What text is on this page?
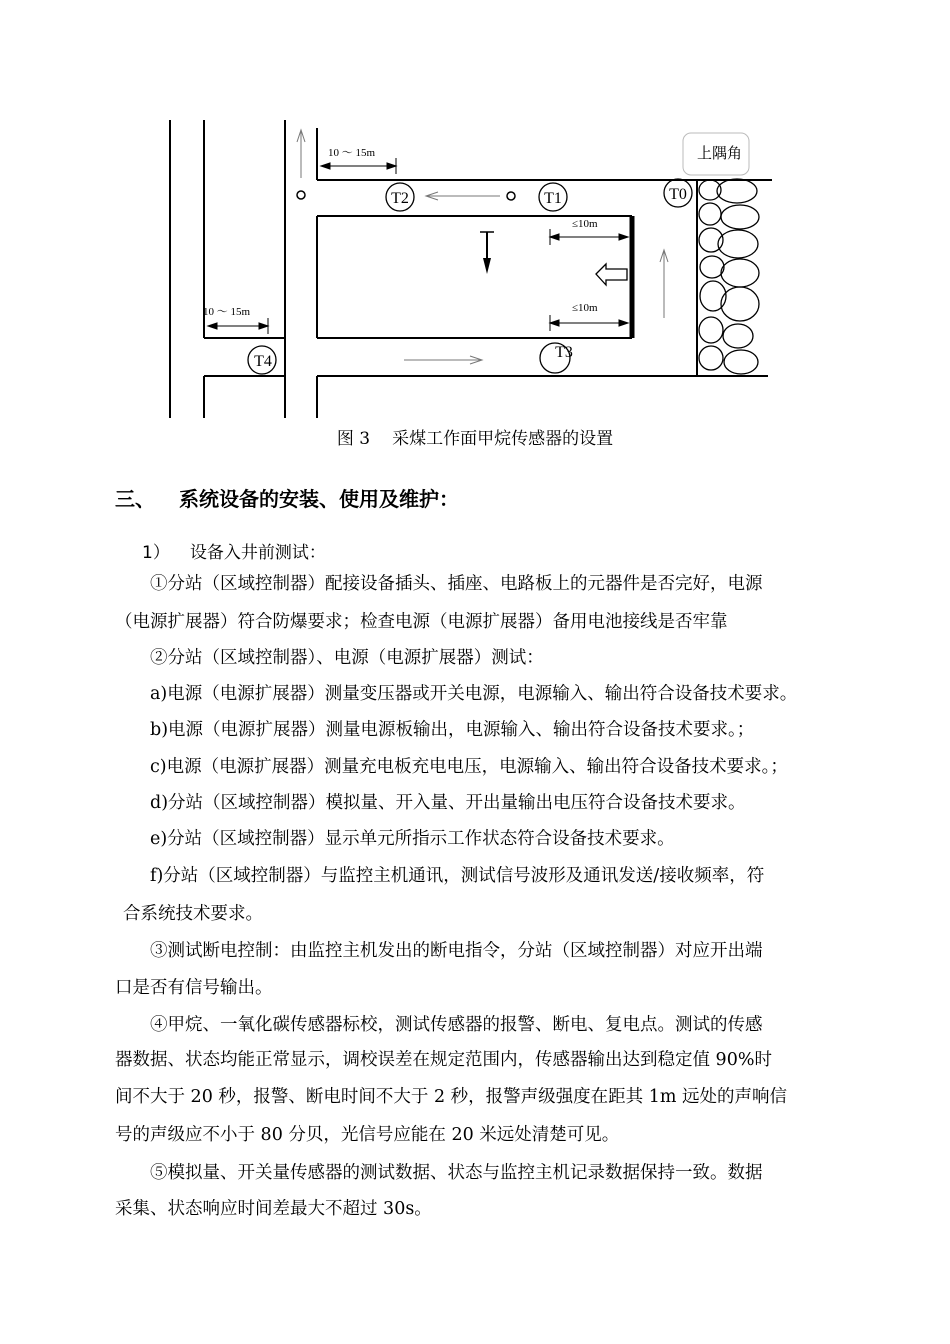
上隅角
10 ～ 15m
10 ～ 15m
≤10m
≤10m
T2	T1	T0
T3
T4
图 3 采煤工作面甲烷传感器的设置
三、 系统设备的安装、使用及维护：
1） 设备入井前测试：
①分站（区域控制器）配接设备插头、插座、电路板上的元器件是否完好，电源
（电源扩展器）符合防爆要求；检查电源（电源扩展器）备用电池接线是否牢靠
②分站（区域控制器）、电源（电源扩展器）测试：
a)电源（电源扩展器）测量变压器或开关电源，电源输入、输出符合设备技术要求。
b)电源（电源扩展器）测量电源板输出，电源输入、输出符合设备技术要求。；
c)电源（电源扩展器）测量充电板充电电压，电源输入、输出符合设备技术要求。；
d)分站（区域控制器）模拟量、开入量、开出量输出电压符合设备技术要求。
e)分站（区域控制器）显示单元所指示工作状态符合设备技术要求。
f)分站（区域控制器）与监控主机通讯，测试信号波形及通讯发送/接收频率，符
合系统技术要求。
③测试断电控制：由监控主机发出的断电指令，分站（区域控制器）对应开出端
口是否有信号输出。
④甲烷、一氧化碳传感器标校，测试传感器的报警、断电、复电点。测试的传感
器数据、状态均能正常显示，调校误差在规定范围内，传感器输出达到稳定值 90%时
间不大于 20 秒，报警、断电时间不大于 2 秒，报警声级强度在距其 1m 远处的声响信
号的声级应不小于 80 分贝，光信号应能在 20 米远处清楚可见。
⑤模拟量、开关量传感器的测试数据、状态与监控主机记录数据保持一致。数据
采集、状态响应时间差最大不超过 30s。
